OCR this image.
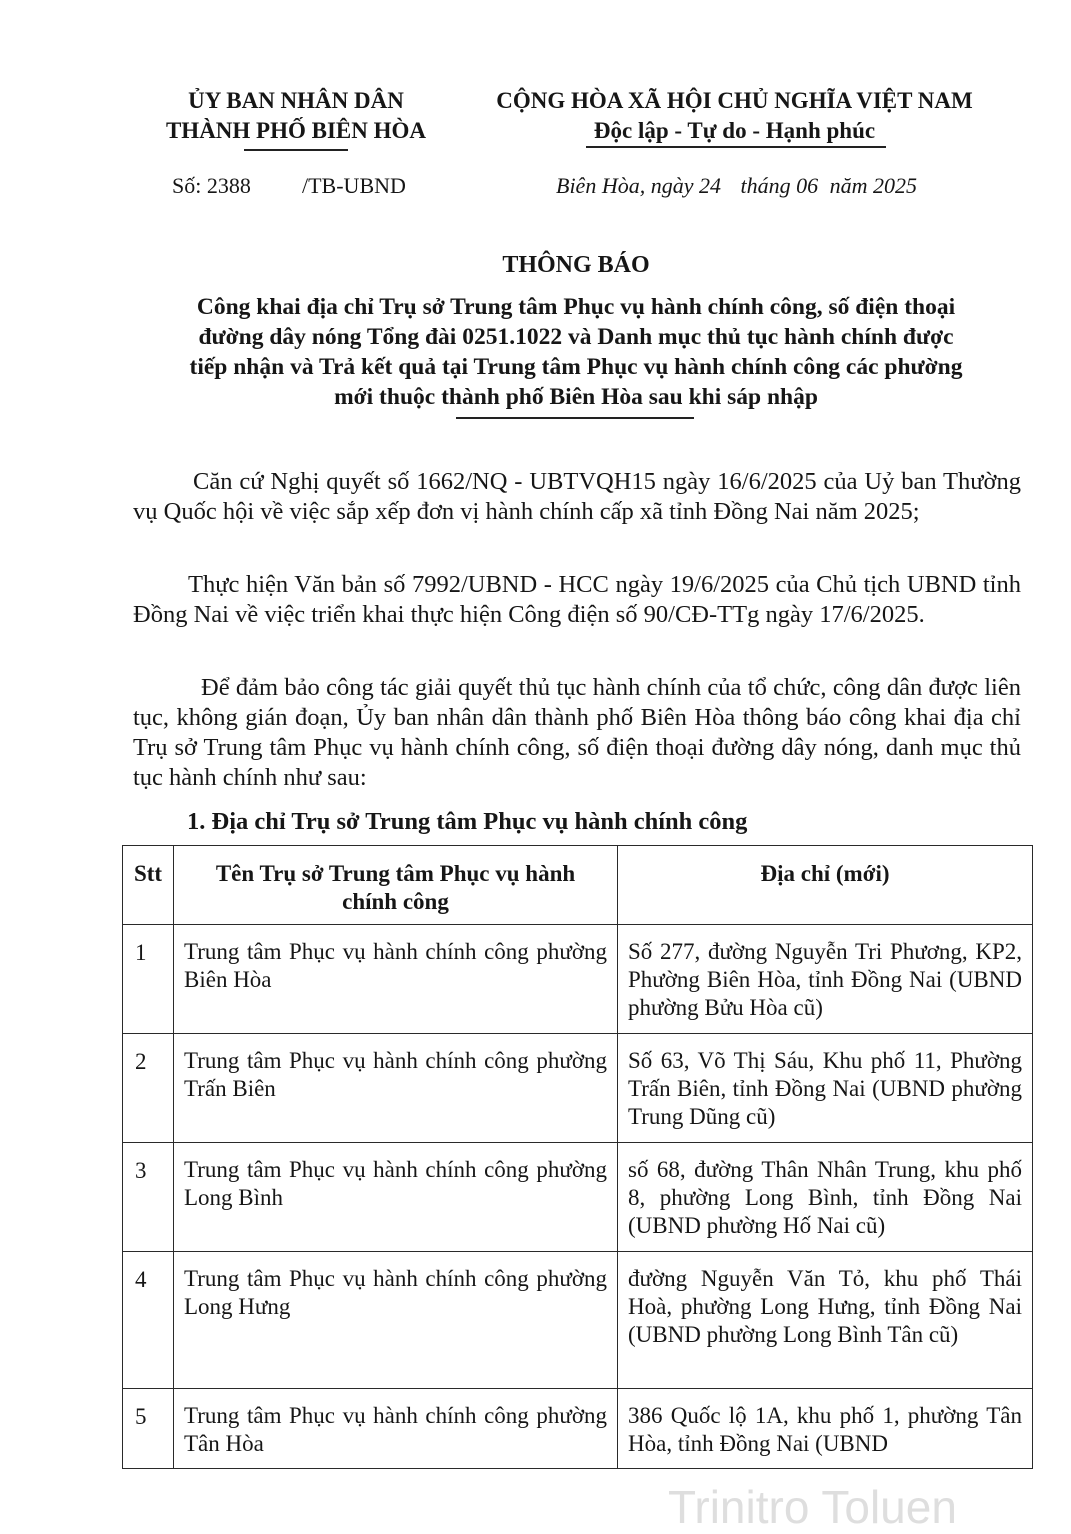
ỦY BAN NHÂN DÂN
THÀNH PHỐ BIÊN HÒA
CỘNG HÒA XÃ HỘI CHỦ NGHĨA VIỆT NAM
Độc lập - Tự do - Hạnh phúc
Số: 2388 /TB-UBND	Biên Hòa, ngày 24 tháng 06 năm 2025
THÔNG BÁO
Công khai địa chỉ Trụ sở Trung tâm Phục vụ hành chính công, số điện thoại
đường dây nóng Tổng đài 0251.1022 và Danh mục thủ tục hành chính được
tiếp nhận và Trả kết quả tại Trung tâm Phục vụ hành chính công các phường
mới thuộc thành phố Biên Hòa sau khi sáp nhập
Căn cứ Nghị quyết số 1662/NQ - UBTVQH15 ngày 16/6/2025 của Uỷ ban Thường vụ Quốc hội về việc sắp xếp đơn vị hành chính cấp xã tỉnh Đồng Nai năm 2025;
Thực hiện Văn bản số 7992/UBND - HCC ngày 19/6/2025 của Chủ tịch UBND tỉnh Đồng Nai về việc triển khai thực hiện Công điện số 90/CĐ-TTg ngày 17/6/2025.
Để đảm bảo công tác giải quyết thủ tục hành chính của tổ chức, công dân được liên tục, không gián đoạn, Ủy ban nhân dân thành phố Biên Hòa thông báo công khai địa chỉ Trụ sở Trung tâm Phục vụ hành chính công, số điện thoại đường dây nóng, danh mục thủ tục hành chính như sau:
1. Địa chỉ Trụ sở Trung tâm Phục vụ hành chính công
Stt	Tên Trụ sở Trung tâm Phục vụ hành chính công	Địa chỉ (mới)
1	Trung tâm Phục vụ hành chính công phường Biên Hòa	Số 277, đường Nguyễn Tri Phương, KP2, Phường Biên Hòa, tỉnh Đồng Nai (UBND phường Bửu Hòa cũ)
2	Trung tâm Phục vụ hành chính công phường Trấn Biên	Số 63, Võ Thị Sáu, Khu phố 11, Phường Trấn Biên, tỉnh Đồng Nai (UBND phường Trung Dũng cũ)
3	Trung tâm Phục vụ hành chính công phường Long Bình	số 68, đường Thân Nhân Trung, khu phố 8, phường Long Bình, tỉnh Đồng Nai (UBND phường Hố Nai cũ)
4	Trung tâm Phục vụ hành chính công phường Long Hưng	đường Nguyễn Văn Tỏ, khu phố Thái Hoà, phường Long Hưng, tỉnh Đồng Nai (UBND phường Long Bình Tân cũ)
5	Trung tâm Phục vụ hành chính công phường Tân Hòa	386 Quốc lộ 1A, khu phố 1, phường Tân Hòa, tỉnh Đồng Nai (UBND
Trinitro Toluen
